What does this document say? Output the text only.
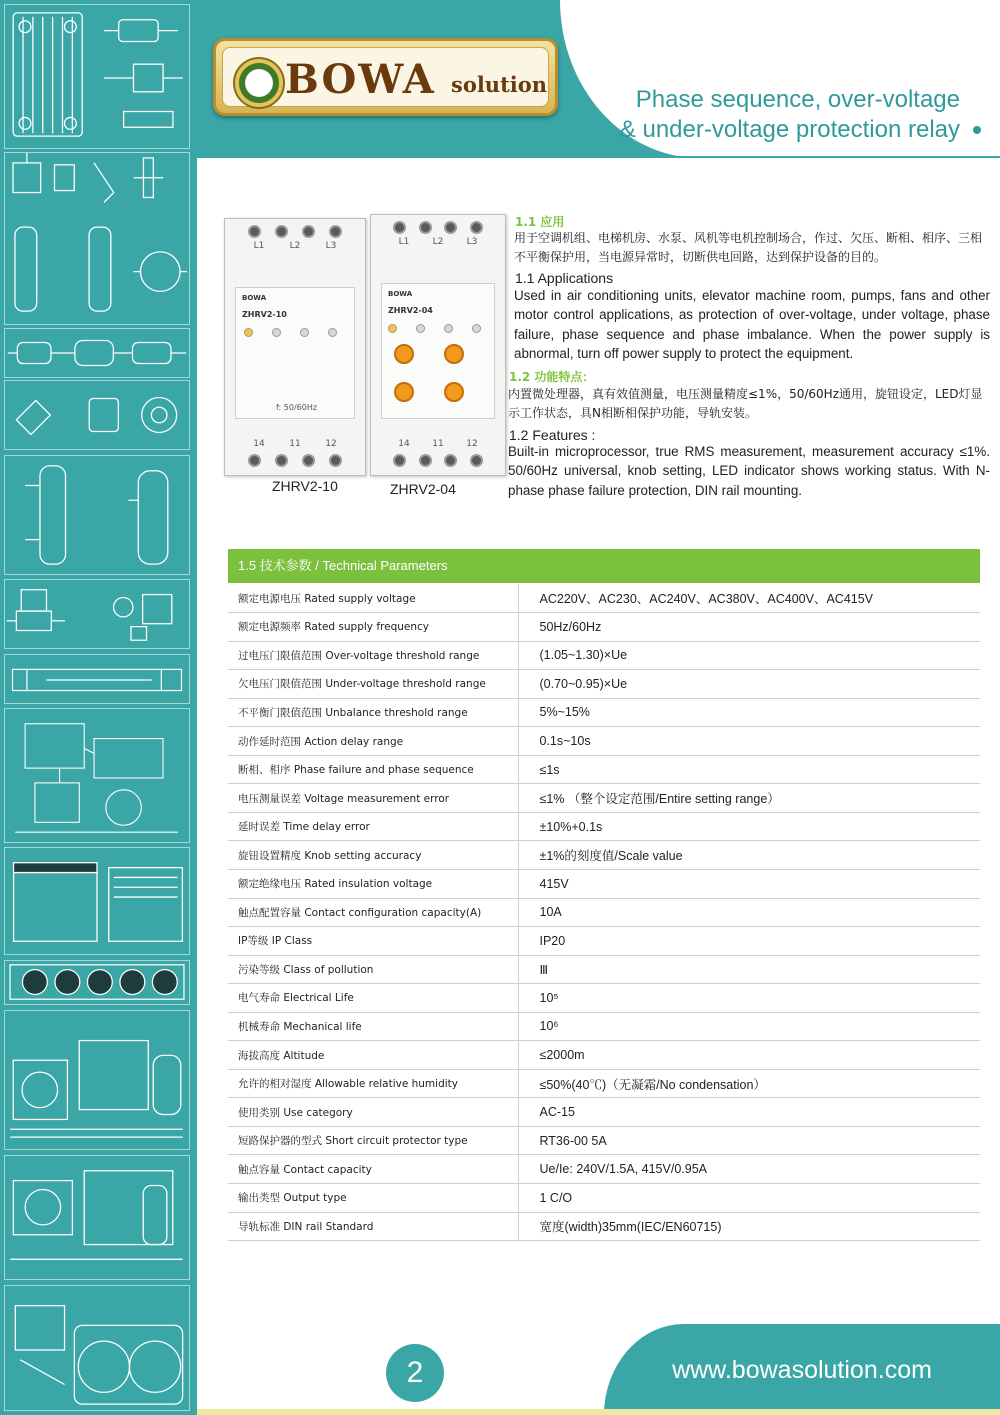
BOWA solution
Phase sequence, over-voltage
& under-voltage protection relay
L1	L2	L3
BOWA
ZHRV2-10
f: 50/60Hz
14	11	12
ZHRV2-10
L1	L2	L3
BOWA
ZHRV2-04
14	11	12
ZHRV2-04
1.1 应用
用于空调机组、电梯机房、水泵、风机等电机控制场合，作过、欠压、断相、相序、三相不平衡保护用，当电源异常时，切断供电回路，达到保护设备的目的。
1.1 Applications
Used in air conditioning units, elevator machine room, pumps, fans and other motor control applications, as protection of over-voltage, under voltage, phase failure, phase sequence and phase imbalance. When the power supply is abnormal, turn off power supply to protect the equipment.
1.2 功能特点：
内置微处理器，真有效值测量，电压测量精度≤1%，50/60Hz通用，旋钮设定，LED灯显示工作状态，具N相断相保护功能，导轨安装。
1.2 Features :
Built-in microprocessor, true RMS measurement, measurement accuracy ≤1%. 50/60Hz universal, knob setting, LED indicator shows working status. With N-phase phase failure protection, DIN rail mounting.
1.5 技术参数 / Technical Parameters
额定电源电压 Rated supply voltage	AC220V、AC230、AC240V、AC380V、AC400V、AC415V
额定电源频率 Rated supply frequency	50Hz/60Hz
过电压门限值范围 Over-voltage threshold range	(1.05~1.30)×Ue
欠电压门限值范围 Under-voltage threshold range	(0.70~0.95)×Ue
不平衡门限值范围 Unbalance threshold range	5%~15%
动作延时范围 Action delay range	0.1s~10s
断相、相序 Phase failure and phase sequence	≤1s
电压测量误差 Voltage measurement error	≤1% （整个设定范围/Entire setting range）
延时误差 Time delay error	±10%+0.1s
旋钮设置精度 Knob setting accuracy	±1%的刻度值/Scale value
额定绝缘电压 Rated insulation voltage	415V
触点配置容量 Contact configuration capacity(A)	10A
IP等级 IP Class	IP20
污染等级 Class of pollution	Ⅲ
电气寿命 Electrical Life	10⁵
机械寿命 Mechanical life	10⁶
海拔高度 Altitude	≤2000m
允许的相对湿度 Allowable relative humidity	≤50%(40℃)（无凝霜/No condensation）
使用类别 Use category	AC-15
短路保护器的型式 Short circuit protector type	RT36-00 5A
触点容量 Contact capacity	Ue/Ie: 240V/1.5A, 415V/0.95A
输出类型 Output type	1 C/O
导轨标准 DIN rail Standard	宽度(width)35mm(IEC/EN60715)
www.bowasolution.com
2
